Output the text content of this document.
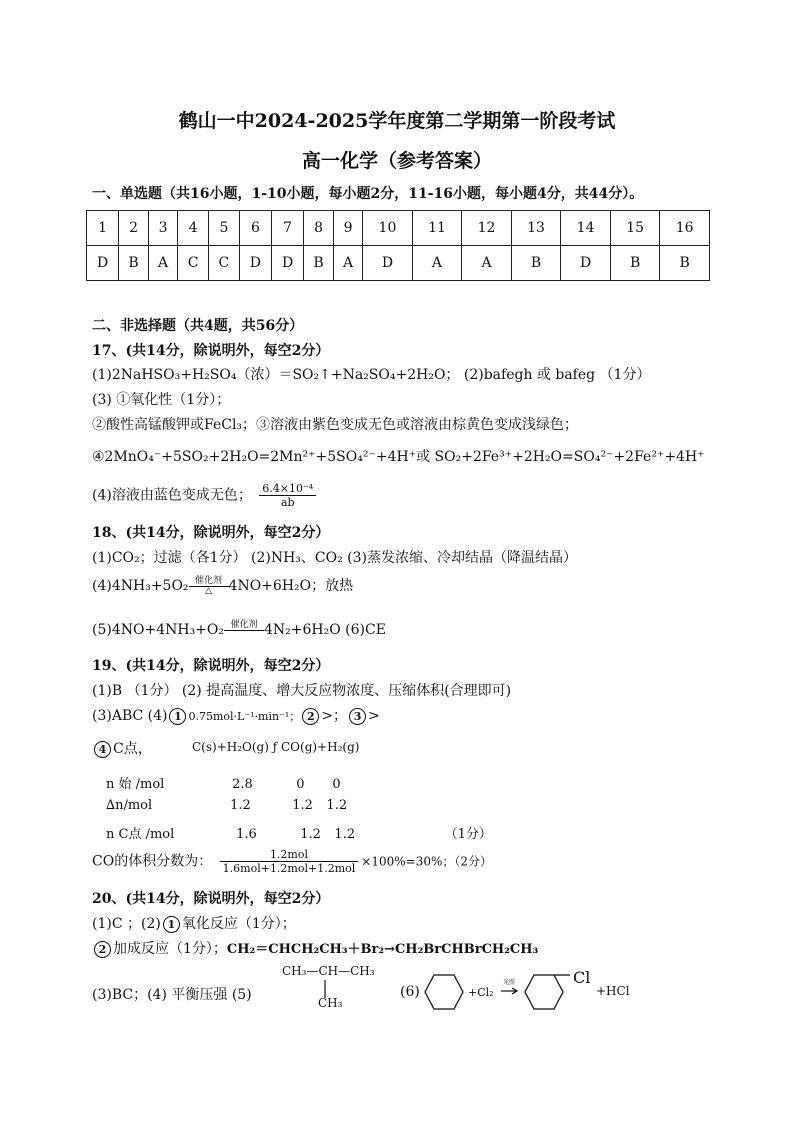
鹤山一中2024-2025学年度第二学期第一阶段考试
高一化学（参考答案）
一、单选题（共16小题，1-10小题，每小题2分，11-16小题，每小题4分，共44分）。
1	2	3	4	5	6	7	8	9	10	11	12	13	14	15	16
D	B	A	C	C	D	D	B	A	D	A	A	B	D	B	B
二、非选择题（共4题，共56分）
17、(共14分，除说明外，每空2分）
(1)2NaHSO₃+H₂SO₄（浓）＝SO₂↑+Na₂SO₄+2H₂O； (2)bafegh 或 bafeg （1分）
(3) ①氧化性（1分）；
②酸性高锰酸钾或FeCl₃；③溶液由紫色变成无色或溶液由棕黄色变成浅绿色；
④2MnO₄⁻+5SO₂+2H₂O=2Mn²⁺+5SO₄²⁻+4H⁺或 SO₂+2Fe³⁺+2H₂O=SO₄²⁻+2Fe²⁺+4H⁺
(4)溶液由蓝色变成无色； $\frac{\text{6.4×10⁻⁴}}{ab}$
18、(共14分，除说明外，每空2分）
(1)CO₂；过滤（各1分） (2)NH₃、CO₂ (3)蒸发浓缩、冷却结晶（降温结晶）
(4)4NH₃+5O₂ 催化剂
△	4NO+6H₂O；放热
(5)4NO+4NH₃+O₂ 催化剂
4N₂+6H₂O (6)CE
19、(共14分，除说明外，每空2分）
(1)B （1分） (2) 提高温度、增大反应物浓度、压缩体积(合理即可)
(3)ABC (4) 1 0.75mol·L⁻¹·min⁻¹； 2 >； 3 >
4 C点，	C(s)+H₂O(g) ƒ CO(g)+H₂(g)
n 始 /mol	2.8	0 0
∆n/mol	1.2	1.2 1.2
n C点 /mol	1.6	1.2 1.2	（1分）
CO的体积分数为： $\frac{\text{1.2mol}}{\text{1.6mol+1.2mol+1.2mol}} \times 100\%=30\%$；（2分）
20、(共14分，除说明外，每空2分）
(1)C ；(2) 1 氧化反应（1分）；
2 加成反应（1分）；CH₂＝CHCH₂CH₃＋Br₂→CH₂BrCHBrCH₂CH₃
(3)BC；(4) 平衡压强 (5)
CH₃—CH—CH₃
CH₃
(6)	+Cl₂
光照	Cl
+HCl
